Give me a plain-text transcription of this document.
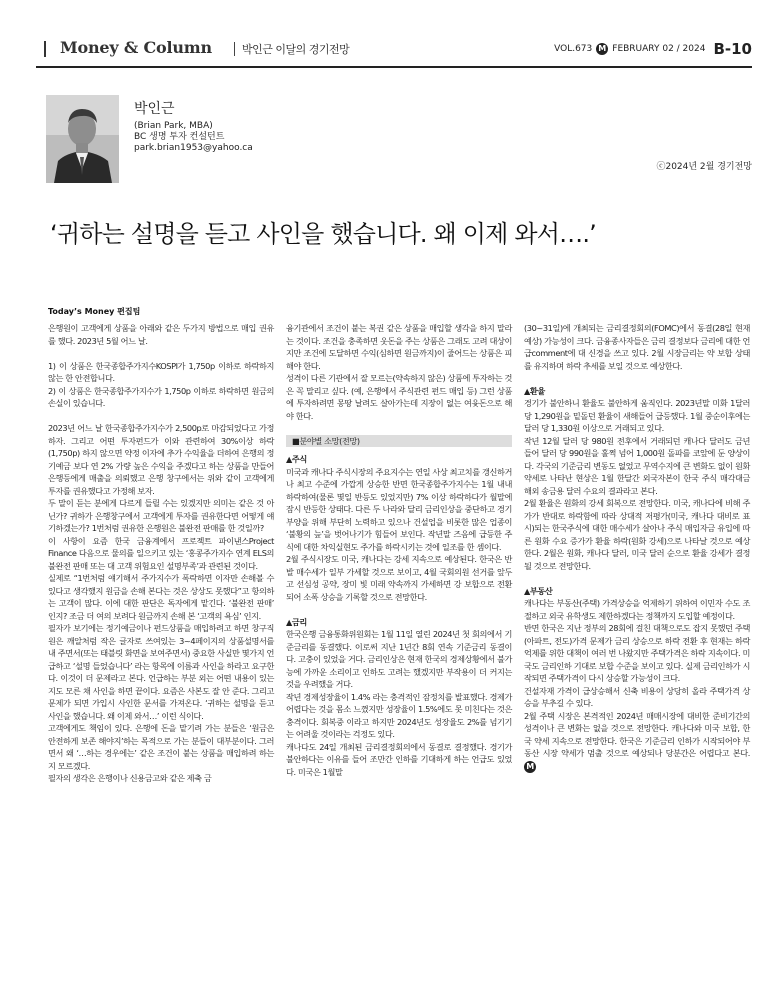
Money & Column	박인근 이달의 경기전망	VOL.673 M FEBRUARY 02 / 2024 B-10
박인근
(Brian Park, MBA)
BC 생명 투자 컨설턴트
park.brian1953@yahoo.ca
ⓒ2024년 2월 경기전망
‘귀하는 설명을 듣고 사인을 했습니다. 왜 이제 와서….’
Today’s Money 편집팀

은행원이 고객에게 상품을 아래와 같은 두가지 방법으로 매입 권유를 했다. 2023년 5월 어느 날.

1) 이 상품은 한국종합주가지수KOSPI가 1,750p 이하로 하락하지 않는 한 안전합니다.

2) 이 상품은 한국종합주가지수가 1,750p 이하로 하락하면 원금의 손실이 있습니다.

2023년 어느 날 한국종합주가지수가 2,500p로 마감되었다고 가정하자. 그리고 어떤 투자펀드가 이와 관련하여 30%이상 하락(1,750p) 하지 않으면 약정 이자에 추가 수익율을 더하여 은행의 정기예금 보다 연 2% 가량 높은 수익을 주겠다고 하는 상품을 만들어 은행등에게 매출을 의뢰했고 은행 창구에서는 위와 같이 고객에게 투자를 권유했다고 가정해 보자.

두 말이 듣는 분에게 다르게 들릴 수는 있겠지만 의미는 같은 것 아닌가? 귀하가 은행창구에서 고객에게 투자를 권유한다면 어떻게 얘기하겠는가? 1번처럼 권유한 은행원은 불완전 판매를 한 것일까?

이 사항이 요즘 한국 금융계에서 프로젝트 파이낸스Project Finance 다음으로 물의를 일으키고 있는 ‘홍콩주가지수 연계 ELS의 불완전 판매 또는 대 고객 위험요인 설명부족’과 관련된 것이다.

실제로 “1번처럼 얘기해서 주가지수가 폭락하면 이자만 손해볼 수 있다고 생각했지 원금을 손해 본다는 것은 상상도 못했다”고 항의하는 고객이 많다. 이에 대한 판단은 독자에게 맡긴다. ‘불완전 판매’ 인지? 조금 더 여의 보려다 원금까지 손해 본 ‘고객의 욕심’ 인지.

필자가 보기에는 정기예금이나 펀드상품을 매입하려고 하면 창구직원은 깨알처럼 작은 글자로 쓰여있는 3~4페이지의 상품설명서를 내 주면서(또는 태블릿 화면을 보여주면서) 중요한 사실만 몇가지 언급하고 ‘설명 들었습니다’ 라는 항목에 이름과 사인을 하라고 요구한다. 이것이 더 문제라고 본다. 언급하는 부분 외는 어떤 내용이 있는지도 모른 채 사인을 하면 끝이다. 요즘은 사본도 잘 안 준다. 그리고 문제가 되면 가입시 사인한 문서를 가져온다. ‘귀하는 설명을 듣고 사인을 했습니다. 왜 이제 와서…’ 이런 식이다.

고객에게도 책임이 있다. 은행에 돈을 맡기려 가는 분들은 ‘원금은 안전하게 보존 해야지’하는 목적으로 가는 분들이 대부분이다. 그러면서 왜 ‘…하는 경우에는’ 같은 조건이 붙는 상품을 매입하려 하는지 모르겠다.

필자의 생각은 은행이나 신용금고와 같은 제축 금

융기관에서 조건이 붙는 복권 같은 상품을 매입할 생각을 하지 말라는 것이다. 조건을 충족하면 웃돈을 주는 상품은 그래도 고려 대상이지만 조건에 도달하면 수익(심하면 원금까지)이 줄어드는 상품은 피해야 한다.

성격이 다른 기관에서 잘 모르는(약속하지 않은) 상품에 투자하는 것은 꼭 말리고 싶다. (예, 은행에서 주식관련 펀드 매입 등) 그런 상품에 투자하려면 몽땅 날려도 살아가는데 지장이 없는 여윳돈으로 해야 한다.

■분야별 소망(전망)

▲주식

미국과 캐나다 주식시장의 주요지수는 연일 사상 최고치를 갱신하거나 최고 수준에 가깝게 상승한 반면 한국종합주가지수는 1월 내내 하락하여(물론 몇일 반등도 있었지만) 7% 이상 하락하다가 월말에 잠시 반등한 상태다. 다른 두 나라와 달리 금리인상을 중단하고 경기부양을 위해 부단히 노력하고 있으나 건설업을 비롯한 많은 업종이 ‘불황의 늪’을 벗어나기가 힘들어 보인다. 작년말 즈음에 급등한 주식에 대한 차익실현도 주가를 하락시키는 것에 일조를 한 셈이다.

2월 주식시장도 미국, 캐나다는 강세 지속으로 예상된다. 한국은 반발 매수세가 일부 가세할 것으로 보이고, 4월 국회의원 선거를 앞두고 선심성 공약, 장미 빛 미래 약속까지 가세하면 강 보합으로 전환되어 소폭 상승을 기록할 것으로 전망한다.

▲금리

한국은행 금융통화위원회는 1월 11일 열린 2024년 첫 회의에서 기준금리를 동결했다. 이로써 지난 1년간 8회 연속 기준금리 동결이다. 고충이 있었을 거다. 금리인상은 현재 한국의 경제상황에서 불가능에 가까운 소리이고 인하도 고려는 했겠지만 부작용이 더 커지는 것을 우려했을 거다.

작년 경제성장율이 1.4% 라는 충격적인 잠정치를 발표했다. 경제가 어렵다는 것을 몸소 느꼈지만 성장율이 1.5%에도 못 미친다는 것은 충격이다. 회복중 이라고 하지만 2024년도 성장율도 2%를 넘기기는 어려울 것이라는 걱정도 있다.

캐나다도 24일 개최된 금리결정회의에서 동결로 결정했다. 경기가 불안하다는 이유를 들어 조만간 인하를 기대하게 하는 언급도 있었다. 미국은 1월말

(30~31일)에 개최되는 금리결정회의(FOMC)에서 동결(28일 현재 예상) 가능성이 크다. 금융종사자들은 금리 결정보다 금리에 대한 언급comment에 대 신경을 쓰고 있다. 2월 시장금리는 약 보합 상태를 유지하며 하락 추세를 보일 것으로 예상한다.

▲환율

경기가 불안하니 환율도 불안하게 움직인다. 2023년말 미화 1달러 당 1,290원을 밑돌던 환율이 새해들어 급등했다. 1월 중순이후에는 달러 당 1,330원 이상으로 거래되고 있다.

작년 12월 달러 당 980원 전후에서 거래되던 캐나다 달러도 금년 들어 달러 당 990원을 훌쩍 넘어 1,000원 돌파를 코앞에 둔 양상이다. 각국의 기준금리 변동도 없었고 무역수지에 큰 변화도 없이 원화약세로 나타난 현상은 1월 한달간 외국자본이 한국 주식 매각대금 해외 송금용 달러 수요의 결과라고 본다.

2월 환율은 원화의 강세 회복으로 전망한다. 미국, 캐나다에 비해 주가가 반대로 하락함에 따라 상대적 저평가(미국, 캐나다 대비로 표시)되는 한국주식에 대한 매수세가 살아나 주식 매입자금 유입에 따른 원화 수요 증가가 환율 하락(원화 강세)으로 나타날 것으로 예상한다. 2월은 원화, 캐나다 달러, 미국 달러 순으로 환율 강세가 결정될 것으로 전망한다.

▲부동산

캐나다는 부동산(주택) 가격상승을 억제하기 위하여 이민자 수도 조절하고 외국 유학생도 제한하겠다는 정책까지 도입할 예정이다.

반면 한국은 지난 정부의 28회에 걸친 대책으로도 잡지 못했던 주택(아파트, 전도)가격 문제가 금리 상승으로 하락 전환 후 현재는 하락 억제를 위한 대책이 여러 번 나왔지만 주택가격은 하락 지속이다. 미국도 금리인하 기대로 보합 수준을 보이고 있다. 실제 금리인하가 시작되면 주택가격이 다시 상승할 가능성이 크다.

건설자재 가격이 급상승해서 신축 비용이 상당히 올라 주택가격 상승을 부추길 수 있다.

2월 주택 시장은 본격적인 2024년 매매시장에 대비한 준비기간의 성격이나 큰 변화는 없을 것으로 전망한다. 캐나다와 미국 보합, 한국 약세 지속으로 전망한다. 한국은 기준금리 인하가 시작되어야 부동산 시장 약세가 멈출 것으로 예상되나 당분간은 어렵다고 본다. M
